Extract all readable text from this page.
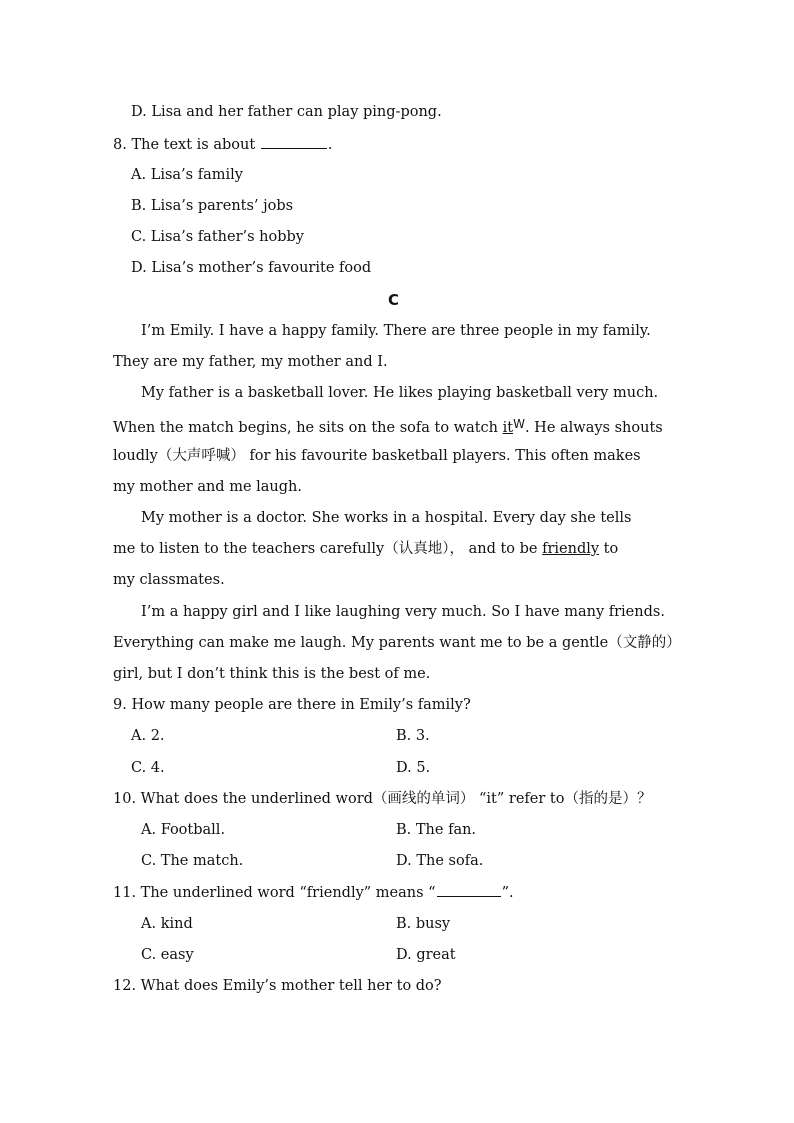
D. Lisa and her father can play ping-pong.
8. The text is about	.
A. Lisa’s family
B. Lisa’s parents’ jobs
C. Lisa’s father’s hobby
D. Lisa’s mother’s favourite food
C
I’m Emily. I have a happy family. There are three people in my family.
They are my father, my mother and I.
My father is a basketball lover. He likes playing basketball very much.
When the match begins, he sits on the sofa to watch $it^W$. He always shouts
loudly（大声呼喊） for his favourite basketball players. This often makes
my mother and me laugh.
My mother is a doctor. She works in a hospital. Every day she tells
me to listen to the teachers carefully（认真地）， and to be friendly to
my classmates.
I’m a happy girl and I like laughing very much. So I have many friends.
Everything can make me laugh. My parents want me to be a gentle（文静的）
girl, but I don’t think this is the best of me.
9. How many people are there in Emily’s family?
A. 2.	B. 3.
C. 4.	D. 5.
10. What does the underlined word（画线的单词） “it” refer to（指的是）？
A. Football.	B. The fan.
C. The match.	D. The sofa.
11. The underlined word “friendly” means “	”.
A. kind	B. busy
C. easy	D. great
12. What does Emily’s mother tell her to do?
